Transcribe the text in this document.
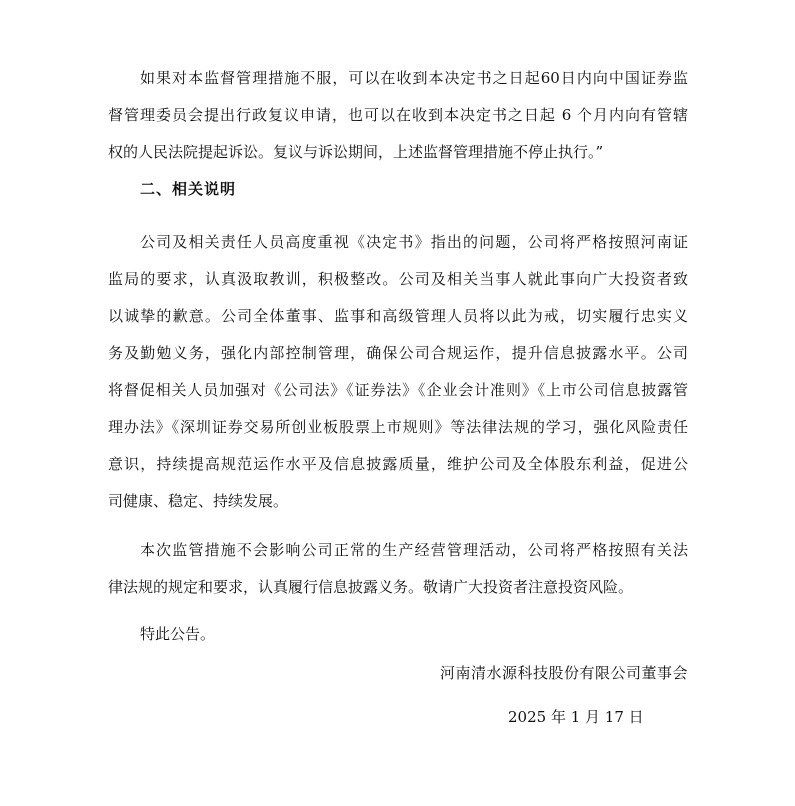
如果对本监督管理措施不服，可以在收到本决定书之日起60日内向中国证券监
督管理委员会提出行政复议申请，也可以在收到本决定书之日起 6 个月内向有管辖
权的人民法院提起诉讼。复议与诉讼期间，上述监督管理措施不停止执行。”
二、相关说明
公司及相关责任人员高度重视《决定书》指出的问题，公司将严格按照河南证
监局的要求，认真汲取教训，积极整改。公司及相关当事人就此事向广大投资者致
以诚挚的歉意。公司全体董事、监事和高级管理人员将以此为戒，切实履行忠实义
务及勤勉义务，强化内部控制管理，确保公司合规运作，提升信息披露水平。公司
将督促相关人员加强对《公司法》《证券法》《企业会计准则》《上市公司信息披露管
理办法》《深圳证券交易所创业板股票上市规则》等法律法规的学习，强化风险责任
意识，持续提高规范运作水平及信息披露质量，维护公司及全体股东利益，促进公
司健康、稳定、持续发展。
本次监管措施不会影响公司正常的生产经营管理活动，公司将严格按照有关法
律法规的规定和要求，认真履行信息披露义务。敬请广大投资者注意投资风险。
特此公告。
河南清水源科技股份有限公司董事会
2025 年 1 月 17 日
